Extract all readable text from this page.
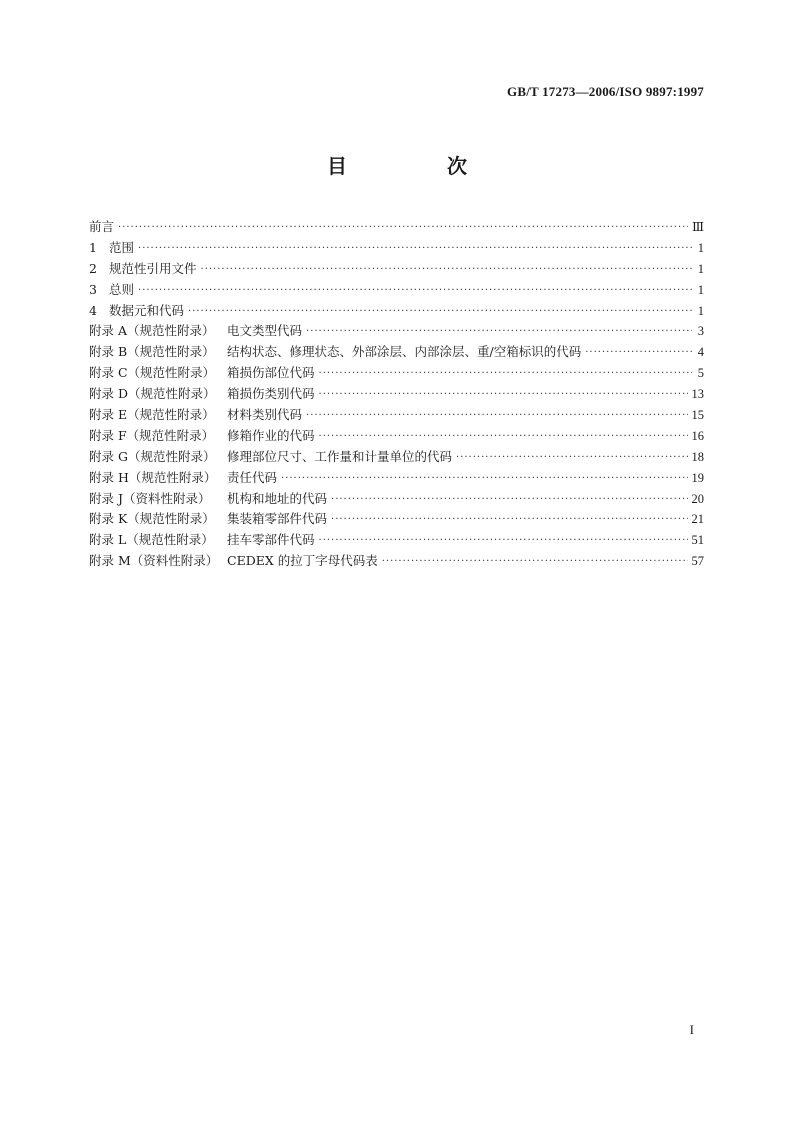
GB/T 17273—2006/ISO 9897:1997
目　次
前言 ·····	Ⅲ
1 范围 ·····	1
2 规范性引用文件 ·····	1
3 总则 ·····	1
4 数据元和代码 ·····	1
附录 A（规范性附录） 电文类型代码 ·····	3
附录 B（规范性附录） 结构状态、修理状态、外部涂层、内部涂层、重/空箱标识的代码 ·····	4
附录 C（规范性附录） 箱损伤部位代码 ·····	5
附录 D（规范性附录） 箱损伤类别代码 ·····	13
附录 E（规范性附录） 材料类别代码 ·····	15
附录 F（规范性附录）	修箱作业的代码 ·····	16
附录 G（规范性附录） 修理部位尺寸、工作量和计量单位的代码 ·····	18
附录 H（规范性附录） 责任代码 ·····	19
附录 J（资料性附录）	机构和地址的代码 ·····	20
附录 K（规范性附录） 集装箱零部件代码 ·····	21
附录 L（规范性附录）	挂车零部件代码 ·····	51
附录 M（资料性附录） CEDEX 的拉丁字母代码表 ·····	57
I
